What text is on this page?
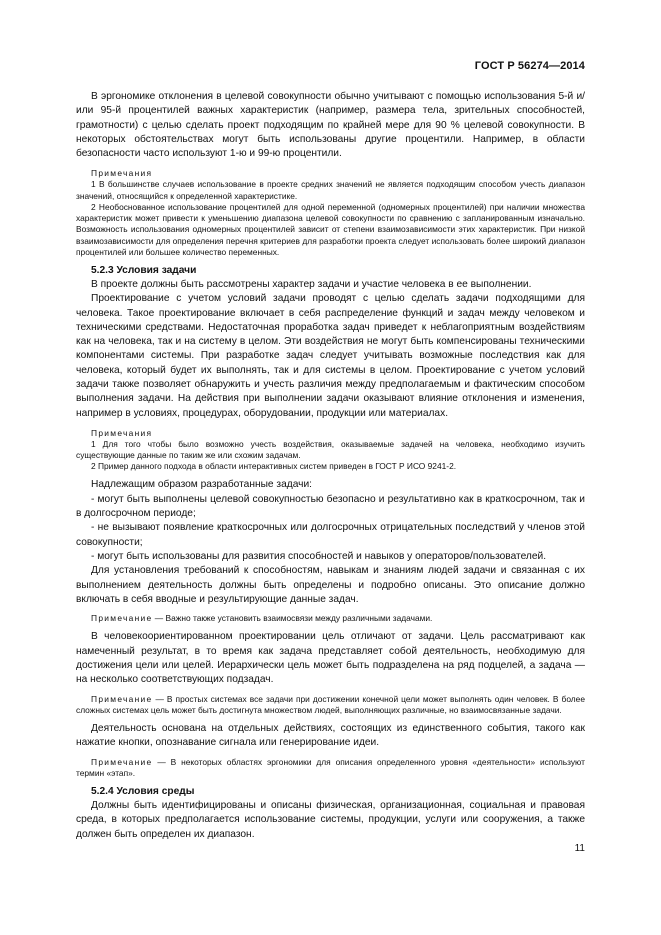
ГОСТ Р 56274—2014

В эргономике отклонения в целевой совокупности обычно учитывают с помощью использования 5-й и/или 95-й процентилей важных характеристик (например, размера тела, зрительных способностей, грамотности) с целью сделать проект подходящим по крайней мере для 90 % целевой совокупности. В некоторых обстоятельствах могут быть использованы другие процентили. Например, в области безопасности часто используют 1-ю и 99-ю процентили.

Примечания

1 В большинстве случаев использование в проекте средних значений не является подходящим способом учесть диапазон значений, относящийся к определенной характеристике.

2 Необоснованное использование процентилей для одной переменной (одномерных процентилей) при наличии множества характеристик может привести к уменьшению диапазона целевой совокупности по сравнению с запланированным изначально. Возможность использования одномерных процентилей зависит от степени взаимозависимости этих характеристик. При низкой взаимозависимости для определения перечня критериев для разработки проекта следует использовать более широкий диапазон процентилей или большее количество переменных.

5.2.3 Условия задачи

В проекте должны быть рассмотрены характер задачи и участие человека в ее выполнении.

Проектирование с учетом условий задачи проводят с целью сделать задачи подходящими для человека. Такое проектирование включает в себя распределение функций и задач между человеком и техническими средствами. Недостаточная проработка задач приведет к неблагоприятным воздействиям как на человека, так и на систему в целом. Эти воздействия не могут быть компенсированы техническими компонентами системы. При разработке задач следует учитывать возможные последствия как для человека, который будет их выполнять, так и для системы в целом. Проектирование с учетом условий задачи также позволяет обнаружить и учесть различия между предполагаемым и фактическим способом выполнения задачи. На действия при выполнении задачи оказывают влияние отклонения и изменения, например в условиях, процедурах, оборудовании, продукции или материалах.

Примечания

1 Для того чтобы было возможно учесть воздействия, оказываемые задачей на человека, необходимо изучить существующие данные по таким же или схожим задачам.

2 Пример данного подхода в области интерактивных систем приведен в ГОСТ Р ИСО 9241-2.

Надлежащим образом разработанные задачи:

- могут быть выполнены целевой совокупностью безопасно и результативно как в краткосрочном, так и в долгосрочном периоде;

- не вызывают появление краткосрочных или долгосрочных отрицательных последствий у членов этой совокупности;

- могут быть использованы для развития способностей и навыков у операторов/пользователей.

Для установления требований к способностям, навыкам и знаниям людей задачи и связанная с их выполнением деятельность должны быть определены и подробно описаны. Это описание должно включать в себя вводные и результирующие данные задач.

Примечание — Важно также установить взаимосвязи между различными задачами.

В человекоориентированном проектировании цель отличают от задачи. Цель рассматривают как намеченный результат, в то время как задача представляет собой деятельность, необходимую для достижения цели или целей. Иерархически цель может быть подразделена на ряд подцелей, а задача — на несколько соответствующих подзадач.

Примечание — В простых системах все задачи при достижении конечной цели может выполнять один человек. В более сложных системах цель может быть достигнута множеством людей, выполняющих различные, но взаимосвязанные задачи.

Деятельность основана на отдельных действиях, состоящих из единственного события, такого как нажатие кнопки, опознавание сигнала или генерирование идеи.

Примечание — В некоторых областях эргономики для описания определенного уровня «деятельности» используют термин «этап».

5.2.4 Условия среды

Должны быть идентифицированы и описаны физическая, организационная, социальная и правовая среда, в которых предполагается использование системы, продукции, услуги или сооружения, а также должен быть определен их диапазон.

11
